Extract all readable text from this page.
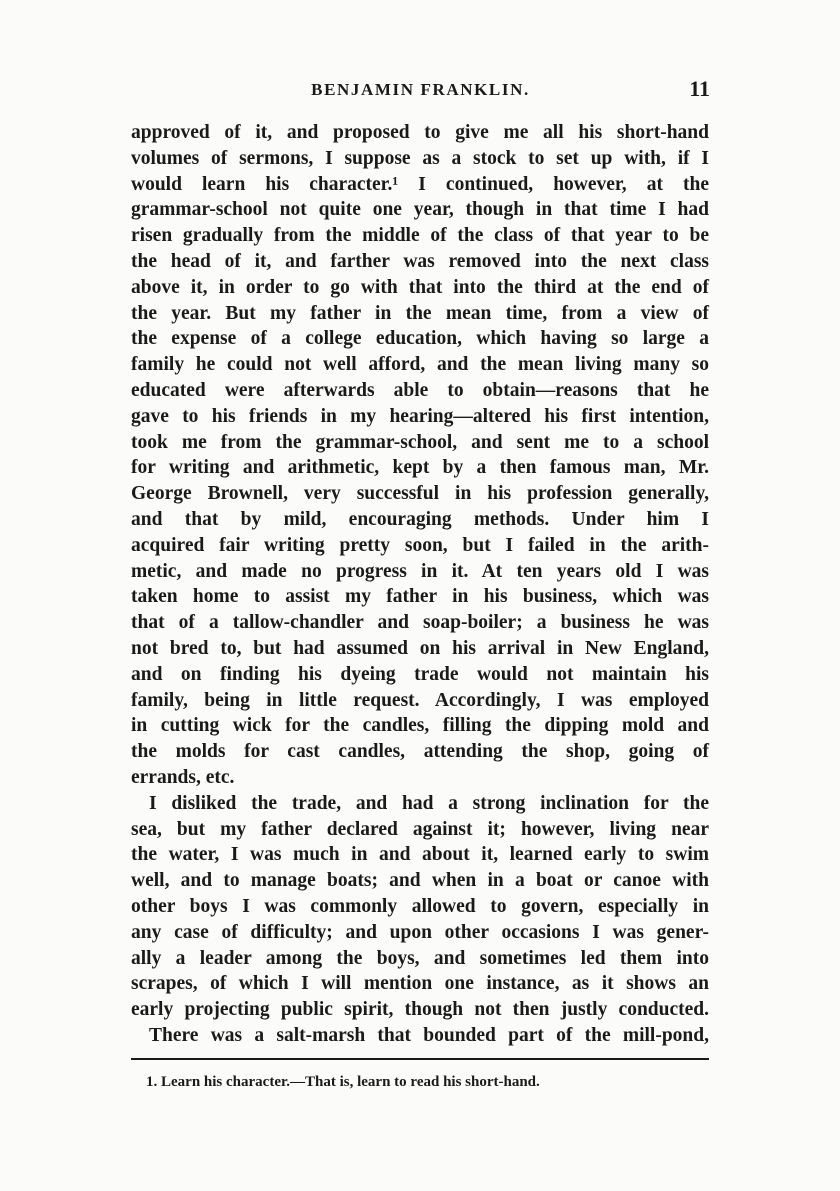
BENJAMIN FRANKLIN.	11
approved of it, and proposed to give me all his short-hand
volumes of sermons, I suppose as a stock to set up with, if I
would learn his character.¹ I continued, however, at the
grammar-school not quite one year, though in that time I had
risen gradually from the middle of the class of that year to be
the head of it, and farther was removed into the next class
above it, in order to go with that into the third at the end of
the year. But my father in the mean time, from a view of
the expense of a college education, which having so large a
family he could not well afford, and the mean living many so
educated were afterwards able to obtain—reasons that he
gave to his friends in my hearing—altered his first intention,
took me from the grammar-school, and sent me to a school
for writing and arithmetic, kept by a then famous man, Mr.
George Brownell, very successful in his profession generally,
and that by mild, encouraging methods. Under him I
acquired fair writing pretty soon, but I failed in the arith-
metic, and made no progress in it. At ten years old I was
taken home to assist my father in his business, which was
that of a tallow-chandler and soap-boiler; a business he was
not bred to, but had assumed on his arrival in New England,
and on finding his dyeing trade would not maintain his
family, being in little request. Accordingly, I was employed
in cutting wick for the candles, filling the dipping mold and
the molds for cast candles, attending the shop, going of
errands, etc.
I disliked the trade, and had a strong inclination for the
sea, but my father declared against it; however, living near
the water, I was much in and about it, learned early to swim
well, and to manage boats; and when in a boat or canoe with
other boys I was commonly allowed to govern, especially in
any case of difficulty; and upon other occasions I was gener-
ally a leader among the boys, and sometimes led them into
scrapes, of which I will mention one instance, as it shows an
early projecting public spirit, though not then justly conducted.
There was a salt-marsh that bounded part of the mill-pond,
1. Learn his character.—That is, learn to read his short-hand.
